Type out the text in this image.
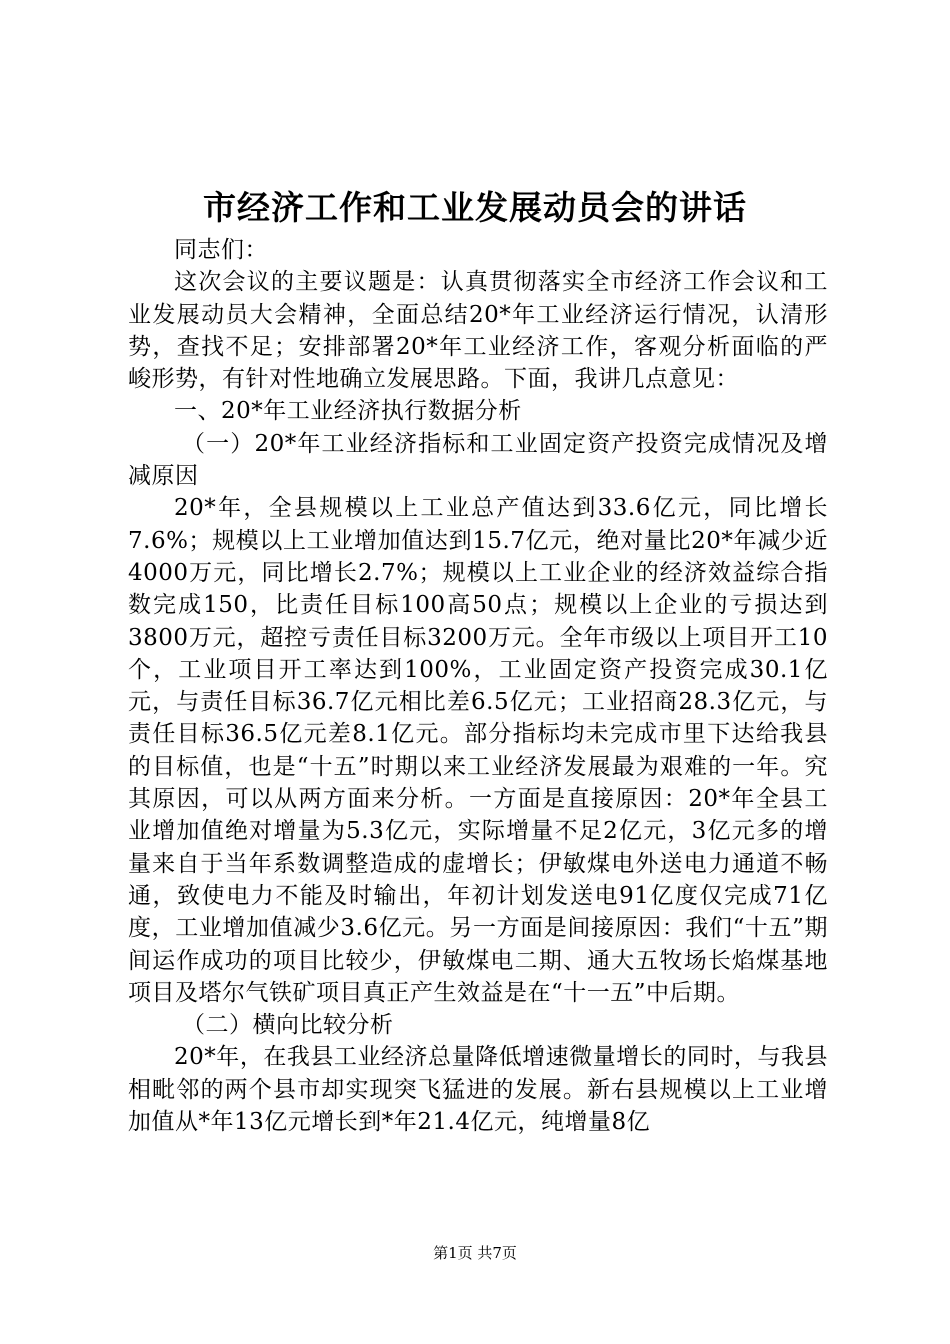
市经济工作和工业发展动员会的讲话

同志们：

这次会议的主要议题是：认真贯彻落实全市经济工作会议和工业发展动员大会精神，全面总结20*年工业经济运行情况，认清形势，查找不足；安排部署20*年工业经济工作，客观分析面临的严峻形势，有针对性地确立发展思路。下面，我讲几点意见：

一、20*年工业经济执行数据分析

（一）20*年工业经济指标和工业固定资产投资完成情况及增减原因

20*年，全县规模以上工业总产值达到33.6亿元，同比增长7.6%；规模以上工业增加值达到15.7亿元，绝对量比20*年减少近4000万元，同比增长2.7%；规模以上工业企业的经济效益综合指数完成150，比责任目标100高50点；规模以上企业的亏损达到3800万元，超控亏责任目标3200万元。全年市级以上项目开工10个，工业项目开工率达到100%，工业固定资产投资完成30.1亿元，与责任目标36.7亿元相比差6.5亿元；工业招商28.3亿元，与责任目标36.5亿元差8.1亿元。部分指标均未完成市里下达给我县的目标值，也是“十五”时期以来工业经济发展最为艰难的一年。究其原因，可以从两方面来分析。一方面是直接原因：20*年全县工业增加值绝对增量为5.3亿元，实际增量不足2亿元，3亿元多的增量来自于当年系数调整造成的虚增长；伊敏煤电外送电力通道不畅通，致使电力不能及时输出，年初计划发送电91亿度仅完成71亿度，工业增加值减少3.6亿元。另一方面是间接原因：我们“十五”期间运作成功的项目比较少，伊敏煤电二期、通大五牧场长焰煤基地项目及塔尔气铁矿项目真正产生效益是在“十一五”中后期。

（二）横向比较分析

20*年，在我县工业经济总量降低增速微量增长的同时，与我县相毗邻的两个县市却实现突飞猛进的发展。新右县规模以上工业增加值从*年13亿元增长到*年21.4亿元，纯增量8亿

第1页 共7页
